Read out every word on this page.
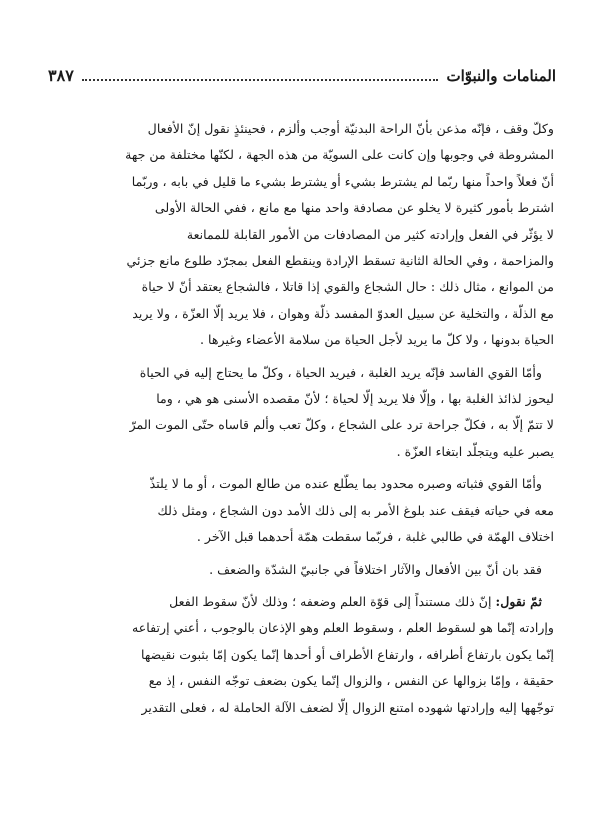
المنامات والنبوّات
٣٨٧

وكلّ وقف ، فإنّه مذعن بأنّ الراحة البدنيّة أوجب وألزم ، فحينئذٍ نقول إنّ الأفعال
المشروطة في وجوبها وإن كانت على السويّة من هذه الجهة ، لكنّها مختلفة من جهة
أنّ فعلاً واحداً منها ربّما لم يشترط بشيء أو يشترط بشيء ما قليل في بابه ، وربّما
اشترط بأمور كثيرة لا يخلو عن مصادفة واحد منها مع مانع ، ففي الحالة الأولى
لا يؤثّر في الفعل وإرادته كثير من المصادفات من الأمور القابلة للممانعة
والمزاحمة ، وفي الحالة الثانية تسقط الإرادة وينقطع الفعل بمجرّد طلوع مانع جزئي
من الموانع ، مثال ذلك : حال الشجاع والقوي إذا قاتلا ، فالشجاع يعتقد أنّ لا حياة
مع الذلّة ، والتخلية عن سبيل العدوّ المفسد ذلّة وهوان ، فلا يريد إلّا العزّة ، ولا يريد
الحياة بدونها ، ولا كلّ ما يريد لأجل الحياة من سلامة الأعضاء وغيرها .

وأمّا القوي الفاسد فإنّه يريد الغلبة ، فيريد الحياة ، وكلّ ما يحتاج إليه في الحياة
ليحوز لذائذ الغلبة بها ، وإلّا فلا يريد إلّا لحياة ؛ لأنّ مقصده الأسنى هو هي ، وما
لا تتمّ إلّا به ، فكلّ جراحة ترد على الشجاع ، وكلّ تعب وألم قاساه حتّى الموت المرّ
يصبر عليه ويتجلّد ابتغاء العزّة .

وأمّا القوي فثباته وصبره محدود بما يطّلع عنده من طالع الموت ، أو ما لا يلتذّ
معه في حياته فيقف عند بلوغ الأمر به إلى ذلك الأمد دون الشجاع ، ومثل ذلك
اختلاف الهمّة في طالبي غلبة ، فربّما سقطت همّة أحدهما قبل الآخر .

فقد بان أنّ بين الأفعال والآثار اختلافاً في جانبيّ الشدّة والضعف .

ثمّ نقول: إنّ ذلك مستنداً إلى قوّة العلم وضعفه ؛ وذلك لأنّ سقوط الفعل
وإرادته إنّما هو لسقوط العلم ، وسقوط العلم وهو الإذعان بالوجوب ، أعني إرتفاعه
إنّما يكون بارتفاع أطرافه ، وارتفاع الأطراف أو أحدها إنّما يكون إمّا بثبوت نقيضها
حقيقة ، وإمّا بزوالها عن النفس ، والزوال إنّما يكون بضعف توجّه النفس ، إذ مع
توجّهها إليه وإرادتها شهوده امتنع الزوال إلّا لضعف الآلة الحاملة له ، فعلى التقدير
